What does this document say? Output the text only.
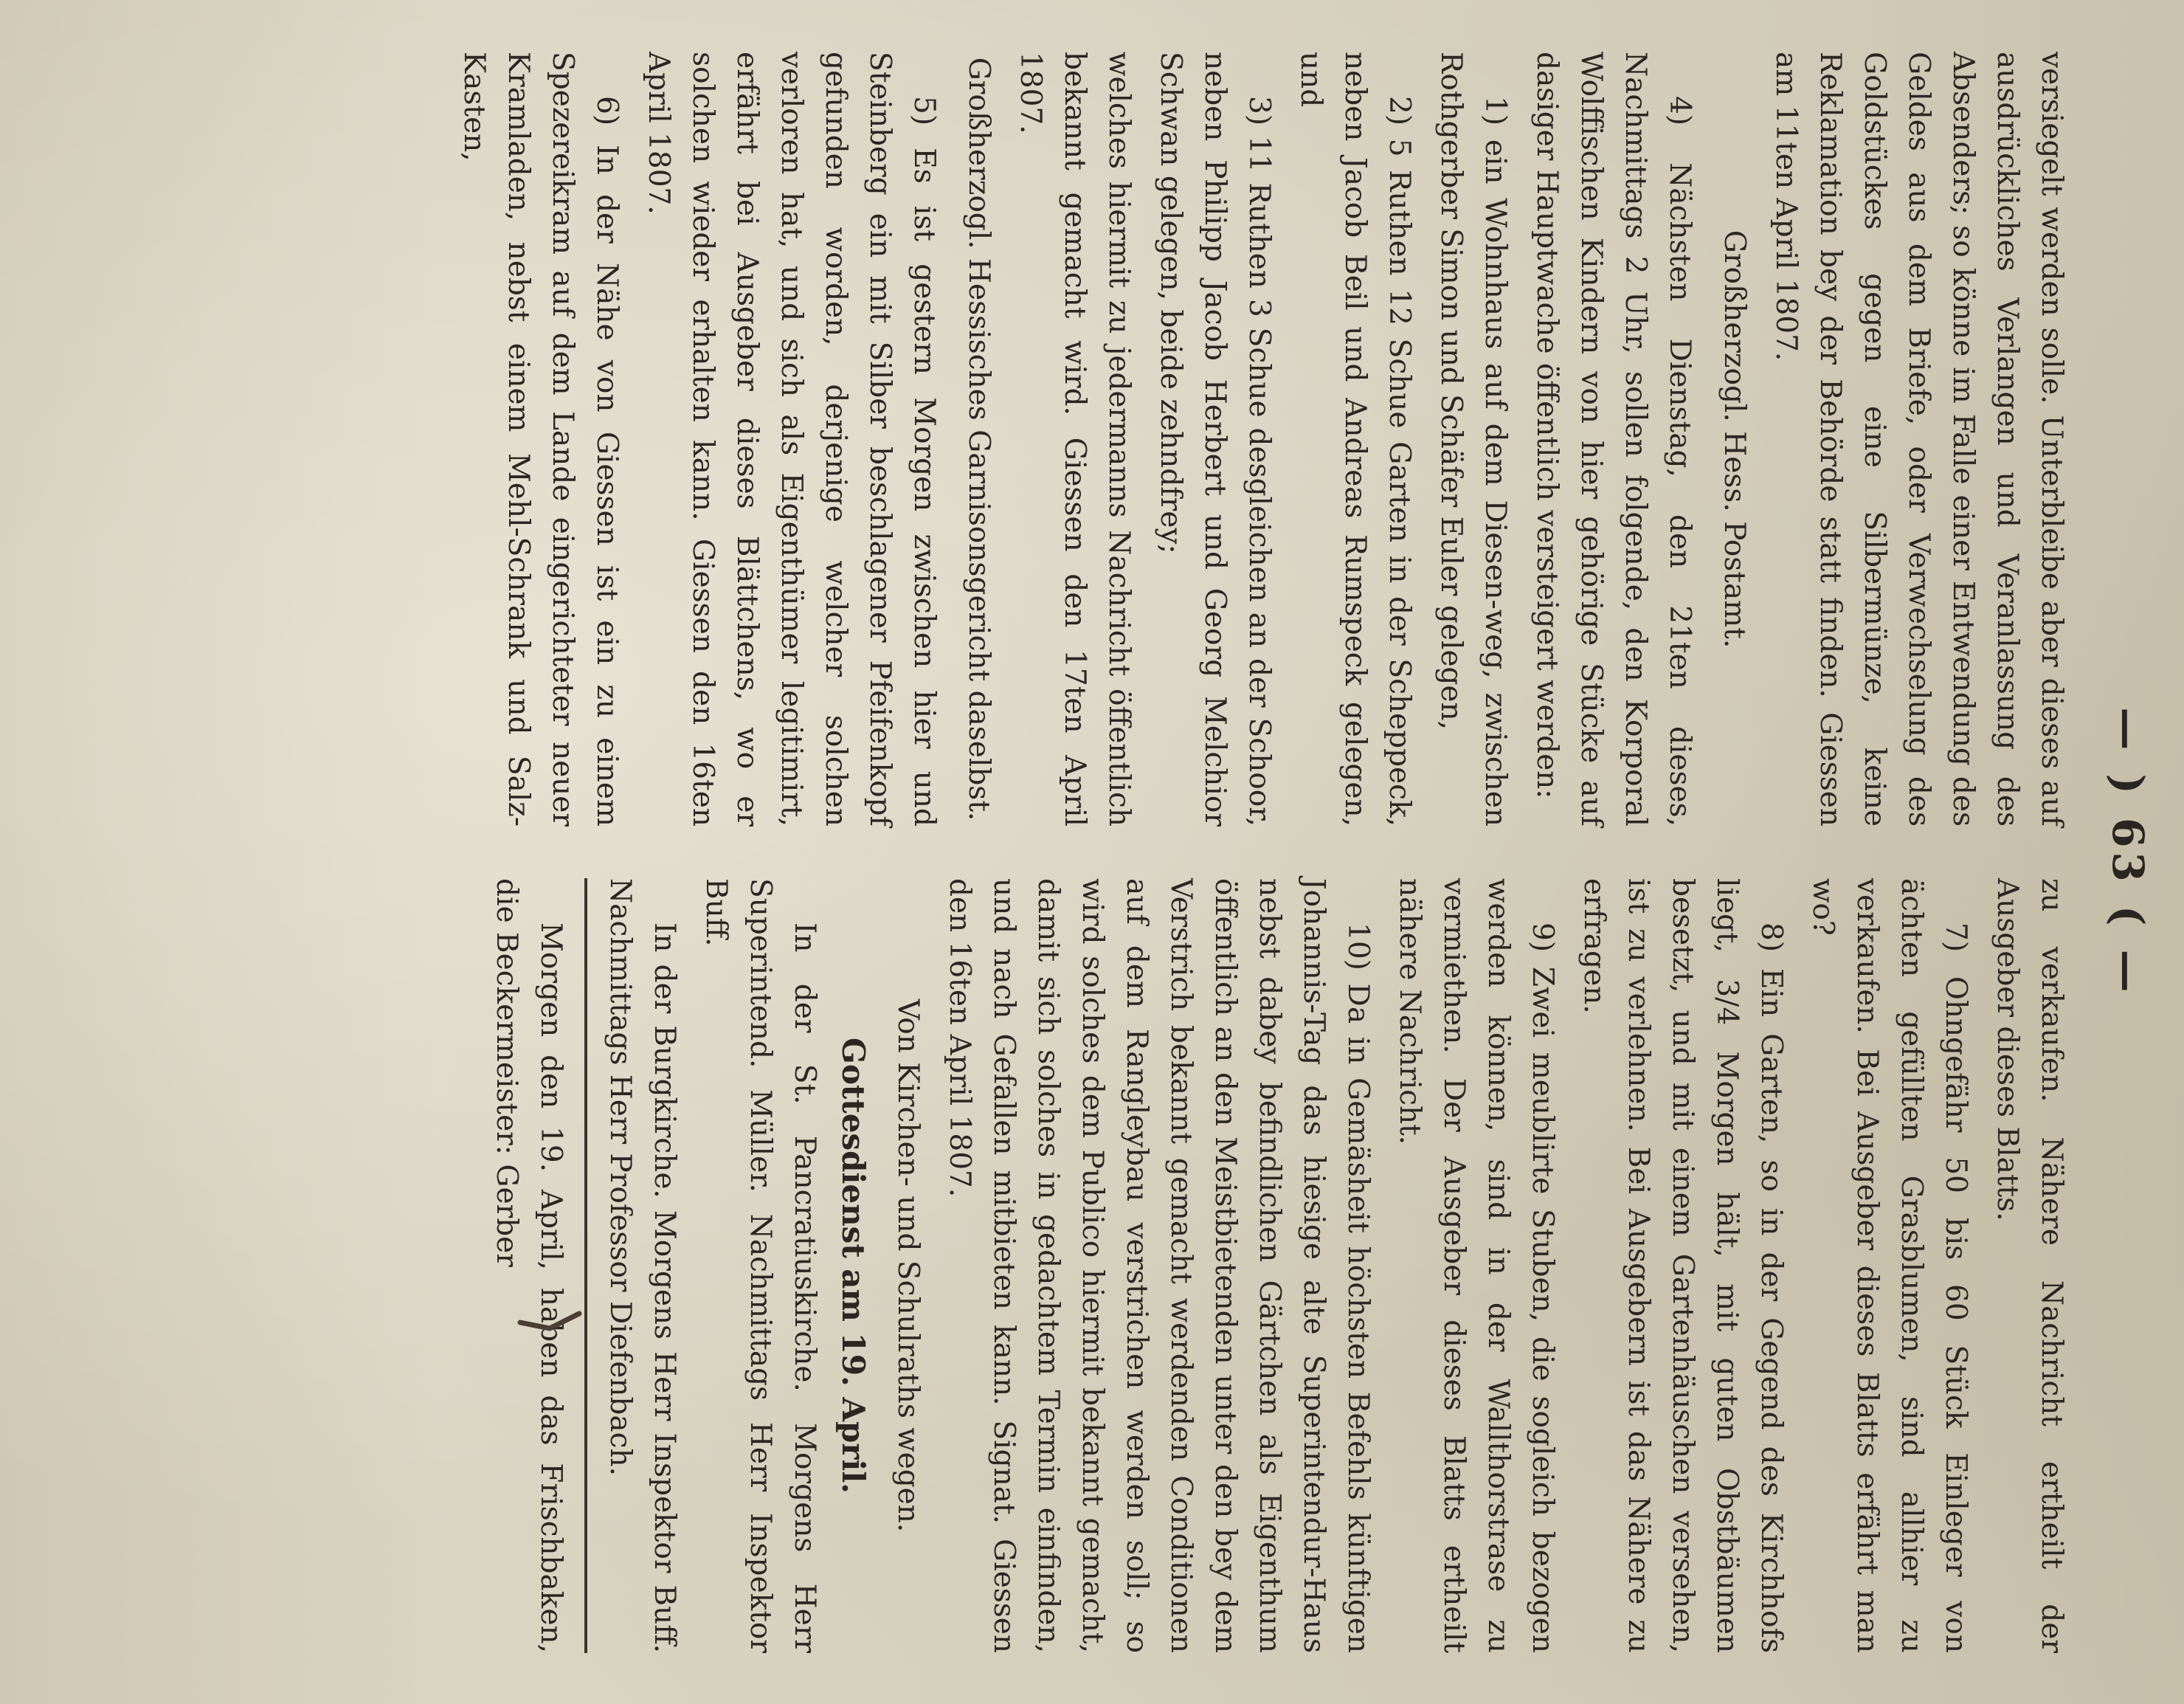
— ) 63 ( —

versiegelt werden solle. Unterbleibe aber dieses auf ausdrückliches Verlangen und Veranlassung des Absenders; so könne im Falle einer Entwendung des Geldes aus dem Briefe, oder Verwechselung des Goldstückes gegen eine Silbermünze, keine Reklamation bey der Behörde statt finden. Giessen am 11ten April 1807.

Großherzogl. Hess. Postamt.

4) Nächsten Dienstag, den 21ten dieses, Nachmittags 2 Uhr, sollen folgende, den Korporal Wolffischen Kindern von hier gehörige Stücke auf dasiger Hauptwache öffentlich versteigert werden:

1) ein Wohnhaus auf dem Diesen-weg, zwischen Rothgerber Simon und Schäfer Euler gelegen,

2) 5 Ruthen 12 Schue Garten in der Scheppeck, neben Jacob Beil und Andreas Rumspeck gelegen, und

3) 11 Ruthen 3 Schue desgleichen an der Schoor, neben Philipp Jacob Herbert und Georg Melchior Schwan gelegen, beide zehndfrey;

welches hiermit zu jedermanns Nachricht öffentlich bekannt gemacht wird. Giessen den 17ten April 1807.

Großherzogl. Hessisches Garnisonsgericht daselbst.

5) Es ist gestern Morgen zwischen hier und Steinberg ein mit Silber beschlagener Pfeifenkopf gefunden worden, derjenige welcher solchen verloren hat, und sich als Eigenthümer legitimirt, erfährt bei Ausgeber dieses Blättchens, wo er solchen wieder erhalten kann. Giessen den 16ten April 1807.

6) In der Nähe von Giessen ist ein zu einem Spezereikram auf dem Lande eingerichteter neuer Kramladen, nebst einem Mehl-Schrank und Salz-Kasten,

zu verkaufen. Nähere Nachricht ertheilt der Ausgeber dieses Blatts.

7) Ohngefähr 50 bis 60 Stück Einleger von ächten gefüllten Grasblumen, sind allhier zu verkaufen. Bei Ausgeber dieses Blatts erfährt man wo?

8) Ein Garten, so in der Gegend des Kirchhofs liegt, 3/4 Morgen hält, mit guten Obstbäumen besetzt, und mit einem Gartenhäuschen versehen, ist zu verlehnen. Bei Ausgebern ist das Nähere zu erfragen.

9) Zwei meublirte Stuben, die sogleich bezogen werden können, sind in der Wallthorstrase zu vermiethen. Der Ausgeber dieses Blatts ertheilt nähere Nachricht.

10) Da in Gemäsheit höchsten Befehls künftigen Johannis-Tag das hiesige alte Superintendur-Haus nebst dabey befindlichen Gärtchen als Eigenthum öffentlich an den Meistbietenden unter den bey dem Verstrich bekannt gemacht werdenden Conditionen auf dem Rangleybau verstrichen werden soll; so wird solches dem Publico hiermit bekannt gemacht, damit sich solches in gedachtem Termin einfinden, und nach Gefallen mitbieten kann. Signat. Giessen den 16ten April 1807.

Von Kirchen- und Schulraths wegen.

Gottesdienst am 19. April.

In der St. Pancratiuskirche. Morgens Herr Superintend. Müller. Nachmittags Herr Inspektor Buff.

In der Burgkirche. Morgens Herr Inspektor Buff. Nachmittags Herr Professor Diefenbach.

Morgen den 19. April, haben das Frischbaken, die Beckermeister: Gerber
